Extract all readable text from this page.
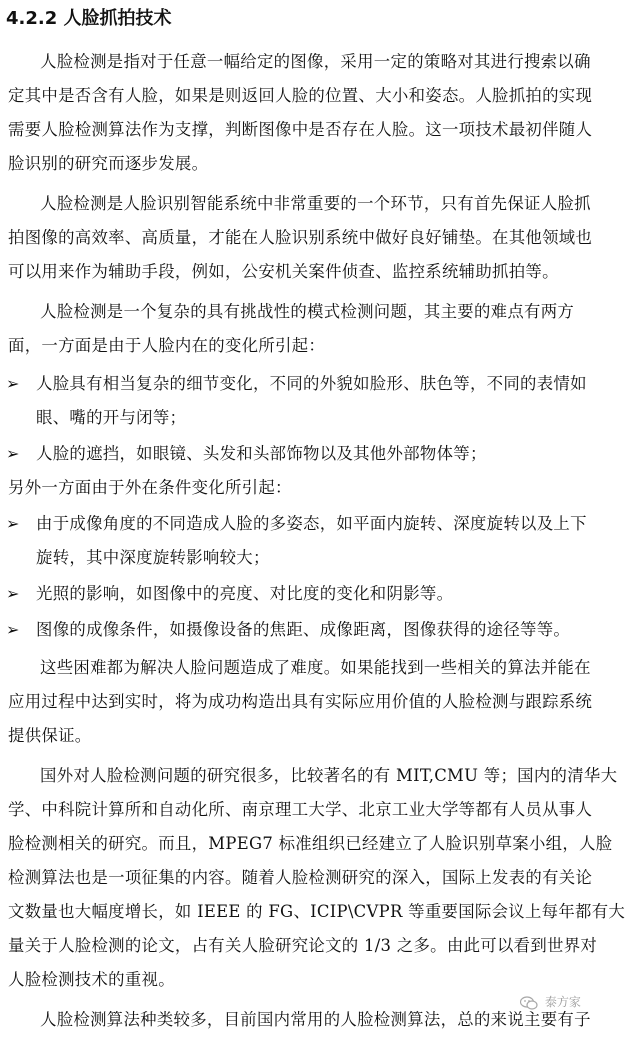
4.2.2 人脸抓拍技术
人脸检测是指对于任意一幅给定的图像，采用一定的策略对其进行搜索以确
定其中是否含有人脸，如果是则返回人脸的位置、大小和姿态。人脸抓拍的实现
需要人脸检测算法作为支撑，判断图像中是否存在人脸。这一项技术最初伴随人
脸识别的研究而逐步发展。
人脸检测是人脸识别智能系统中非常重要的一个环节，只有首先保证人脸抓
拍图像的高效率、高质量，才能在人脸识别系统中做好良好铺垫。在其他领域也
可以用来作为辅助手段，例如，公安机关案件侦查、监控系统辅助抓拍等。
人脸检测是一个复杂的具有挑战性的模式检测问题，其主要的难点有两方
面，一方面是由于人脸内在的变化所引起：
➢	人脸具有相当复杂的细节变化，不同的外貌如脸形、肤色等，不同的表情如
眼、嘴的开与闭等；
➢	人脸的遮挡，如眼镜、头发和头部饰物以及其他外部物体等；
另外一方面由于外在条件变化所引起：
➢	由于成像角度的不同造成人脸的多姿态，如平面内旋转、深度旋转以及上下
旋转，其中深度旋转影响较大；
➢	光照的影响，如图像中的亮度、对比度的变化和阴影等。
➢	图像的成像条件，如摄像设备的焦距、成像距离，图像获得的途径等等。
这些困难都为解决人脸问题造成了难度。如果能找到一些相关的算法并能在
应用过程中达到实时，将为成功构造出具有实际应用价值的人脸检测与跟踪系统
提供保证。
国外对人脸检测问题的研究很多，比较著名的有 MIT,CMU 等；国内的清华大
学、中科院计算所和自动化所、南京理工大学、北京工业大学等都有人员从事人
脸检测相关的研究。而且，MPEG7 标准组织已经建立了人脸识别草案小组，人脸
检测算法也是一项征集的内容。随着人脸检测研究的深入，国际上发表的有关论
文数量也大幅度增长，如 IEEE 的 FG、ICIP\CVPR 等重要国际会议上每年都有大
量关于人脸检测的论文，占有关人脸研究论文的 1/3 之多。由此可以看到世界对
人脸检测技术的重视。
人脸检测算法种类较多，目前国内常用的人脸检测算法，总的来说主要有子
泰方家
